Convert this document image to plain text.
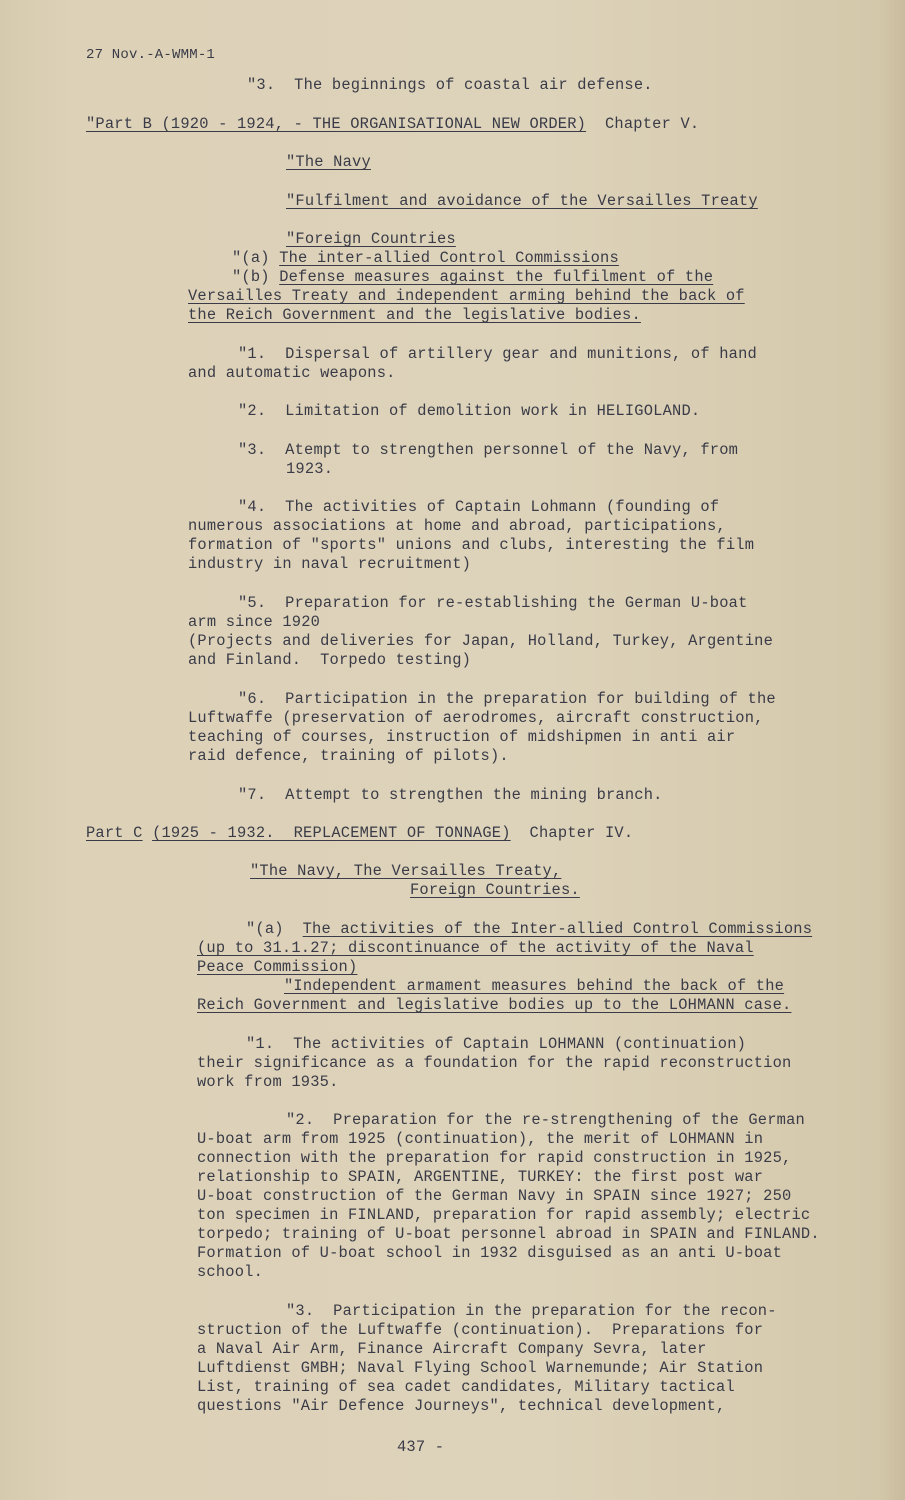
27 Nov.-A-WMM-1
"3.  The beginnings of coastal air defense.
"Part B (1920 - 1924, - THE ORGANISATIONAL NEW ORDER)  Chapter V.
"The Navy
"Fulfilment and avoidance of the Versailles Treaty
"Foreign Countries
"(a) The inter-allied Control Commissions
"(b) Defense measures against the fulfilment of the
Versailles Treaty and independent arming behind the back of
the Reich Government and the legislative bodies.
"1.  Dispersal of artillery gear and munitions, of hand
and automatic weapons.
"2.  Limitation of demolition work in HELIGOLAND.
"3.  Atempt to strengthen personnel of the Navy, from
1923.
"4.  The activities of Captain Lohmann (founding of
numerous associations at home and abroad, participations,
formation of "sports" unions and clubs, interesting the film
industry in naval recruitment)
"5.  Preparation for re-establishing the German U-boat
arm since 1920
(Projects and deliveries for Japan, Holland, Turkey, Argentine
and Finland.  Torpedo testing)
"6.  Participation in the preparation for building of the
Luftwaffe (preservation of aerodromes, aircraft construction,
teaching of courses, instruction of midshipmen in anti air
raid defence, training of pilots).
"7.  Attempt to strengthen the mining branch.
Part C (1925 - 1932.  REPLACEMENT OF TONNAGE)  Chapter IV.
"The Navy, The Versailles Treaty,
Foreign Countries.
"(a)  The activities of the Inter-allied Control Commissions
(up to 31.1.27; discontinuance of the activity of the Naval
Peace Commission)
"Independent armament measures behind the back of the
Reich Government and legislative bodies up to the LOHMANN case.
"1.  The activities of Captain LOHMANN (continuation)
their significance as a foundation for the rapid reconstruction
work from 1935.
"2.  Preparation for the re-strengthening of the German
U-boat arm from 1925 (continuation), the merit of LOHMANN in
connection with the preparation for rapid construction in 1925,
relationship to SPAIN, ARGENTINE, TURKEY: the first post war
U-boat construction of the German Navy in SPAIN since 1927; 250
ton specimen in FINLAND, preparation for rapid assembly; electric
torpedo; training of U-boat personnel abroad in SPAIN and FINLAND.
Formation of U-boat school in 1932 disguised as an anti U-boat
school.
"3.  Participation in the preparation for the recon-
struction of the Luftwaffe (continuation).  Preparations for
a Naval Air Arm, Finance Aircraft Company Sevra, later
Luftdienst GMBH; Naval Flying School Warnemunde; Air Station
List, training of sea cadet candidates, Military tactical
questions "Air Defence Journeys", technical development,
437 -
